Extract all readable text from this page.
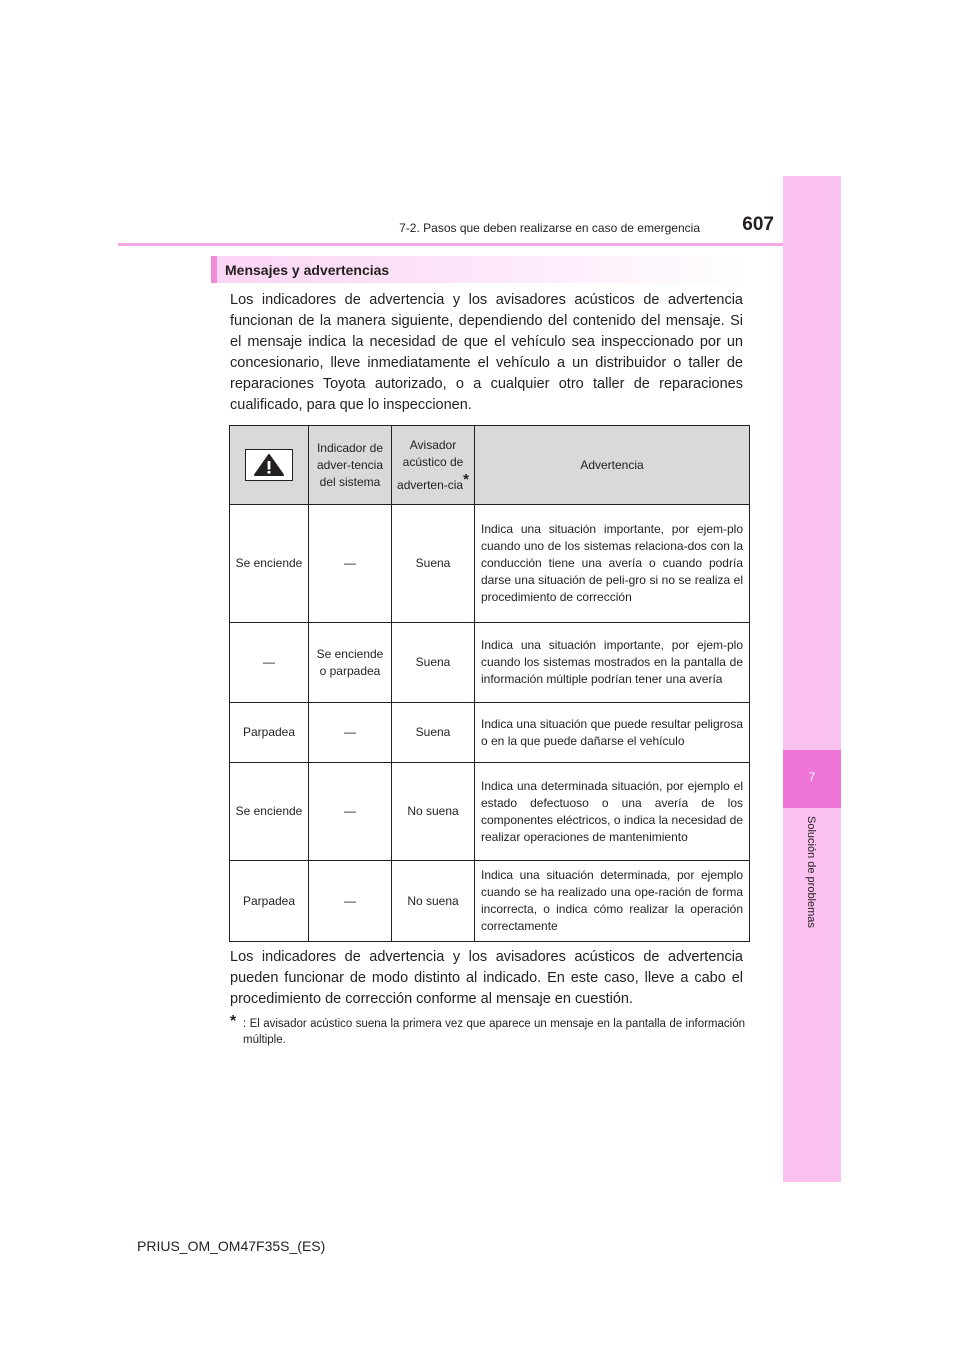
7
Solución de problemas
7-2. Pasos que deben realizarse en caso de emergencia	607
Mensajes y advertencias
Los indicadores de advertencia y los avisadores acústicos de advertencia funcionan de la manera siguiente, dependiendo del contenido del mensaje. Si el mensaje indica la necesidad de que el vehículo sea inspeccionado por un concesionario, lleve inmediatamente el vehículo a un distribuidor o taller de reparaciones Toyota autorizado, o a cualquier otro taller de reparaciones cualificado, para que lo inspeccionen.
	Indicador de adver-tencia del sistema	Avisador acústico de adverten-cia*	Advertencia
Se enciende	—	Suena	Indica una situación importante, por ejem-plo cuando uno de los sistemas relaciona-dos con la conducción tiene una avería o cuando podría darse una situación de peli-gro si no se realiza el procedimiento de corrección
—	Se enciende o parpadea	Suena	Indica una situación importante, por ejem-plo cuando los sistemas mostrados en la pantalla de información múltiple podrían tener una avería
Parpadea	—	Suena	Indica una situación que puede resultar peligrosa o en la que puede dañarse el vehículo
Se enciende	—	No suena	Indica una determinada situación, por ejemplo el estado defectuoso o una avería de los componentes eléctricos, o indica la necesidad de realizar operaciones de mantenimiento
Parpadea	—	No suena	Indica una situación determinada, por ejemplo cuando se ha realizado una ope-ración de forma incorrecta, o indica cómo realizar la operación correctamente
Los indicadores de advertencia y los avisadores acústicos de advertencia pueden funcionar de modo distinto al indicado. En este caso, lleve a cabo el procedimiento de corrección conforme al mensaje en cuestión.
* : El avisador acústico suena la primera vez que aparece un mensaje en la pantalla de información múltiple.
PRIUS_OM_OM47F35S_(ES)
